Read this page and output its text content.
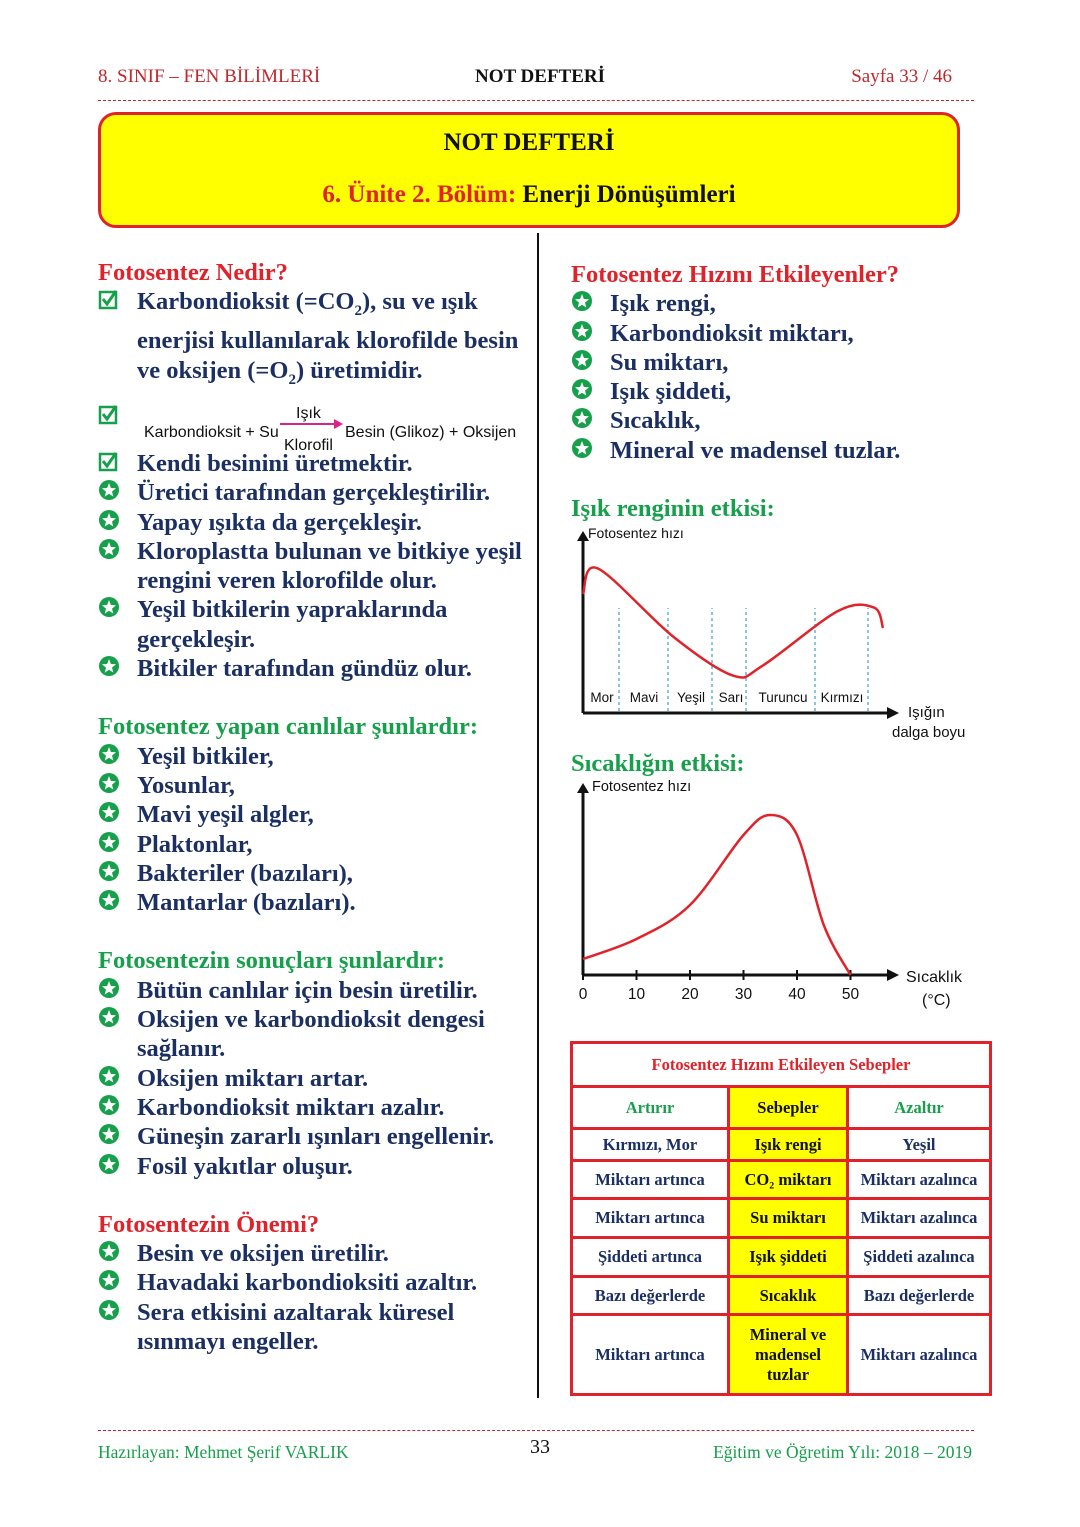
8. SINIF – FEN BİLİMLERİ	NOT DEFTERİ	Sayfa 33 / 46
NOT DEFTERİ
6. Ünite 2. Bölüm: Enerji Dönüşümleri
Fotosentez Nedir?
Karbondioksit $(=CO_2)$, su ve ışık enerjisi kullanılarak klorofilde besin ve oksijen $(=O_2)$ üretimidir.
Karbondioksit + Su
Işık
Klorofil
Besin (Glikoz) + Oksijen
Kendi besinini üretmektir.
Üretici tarafından gerçekleştirilir.
Yapay ışıkta da gerçekleşir.
Kloroplastta bulunan ve bitkiye yeşil rengini veren klorofilde olur.
Yeşil bitkilerin yapraklarında gerçekleşir.
Bitkiler tarafından gündüz olur.
Fotosentez yapan canlılar şunlardır:
Yeşil bitkiler,
Yosunlar,
Mavi yeşil algler,
Plaktonlar,
Bakteriler (bazıları),
Mantarlar (bazıları).
Fotosentezin sonuçları şunlardır:
Bütün canlılar için besin üretilir.
Oksijen ve karbondioksit dengesi sağlanır.
Oksijen miktarı artar.
Karbondioksit miktarı azalır.
Güneşin zararlı ışınları engellenir.
Fosil yakıtlar oluşur.
Fotosentezin Önemi?
Besin ve oksijen üretilir.
Havadaki karbondioksiti azaltır.
Sera etkisini azaltarak küresel ısınmayı engeller.
Fotosentez Hızını Etkileyenler?
Işık rengi,
Karbondioksit miktarı,
Su miktarı,
Işık şiddeti,
Sıcaklık,
Mineral ve madensel tuzlar.
Işık renginin etkisi:
Fotosentez hızı
Mor Mavi Yeşil Sarı Turuncu Kırmızı
Işığın
dalga boyu
Sıcaklığın etkisi:
Fotosentez hızı
0	10 20 30 40 50
Sıcaklık
(°C)
Fotosentez Hızını Etkileyen Sebepler		
Artırır	Sebepler	Azaltır
Kırmızı, Mor	Işık rengi	Yeşil
Miktarı artınca	CO₂ miktarı	Miktarı azalınca
Miktarı artınca	Su miktarı	Miktarı azalınca
Şiddeti artınca	Işık şiddeti	Şiddeti azalınca
Bazı değerlerde	Sıcaklık	Bazı değerlerde
Miktarı artınca	Mineral ve madensel tuzlar	Miktarı azalınca
Hazırlayan: Mehmet Şerif VARLIK	33	Eğitim ve Öğretim Yılı: 2018 – 2019
